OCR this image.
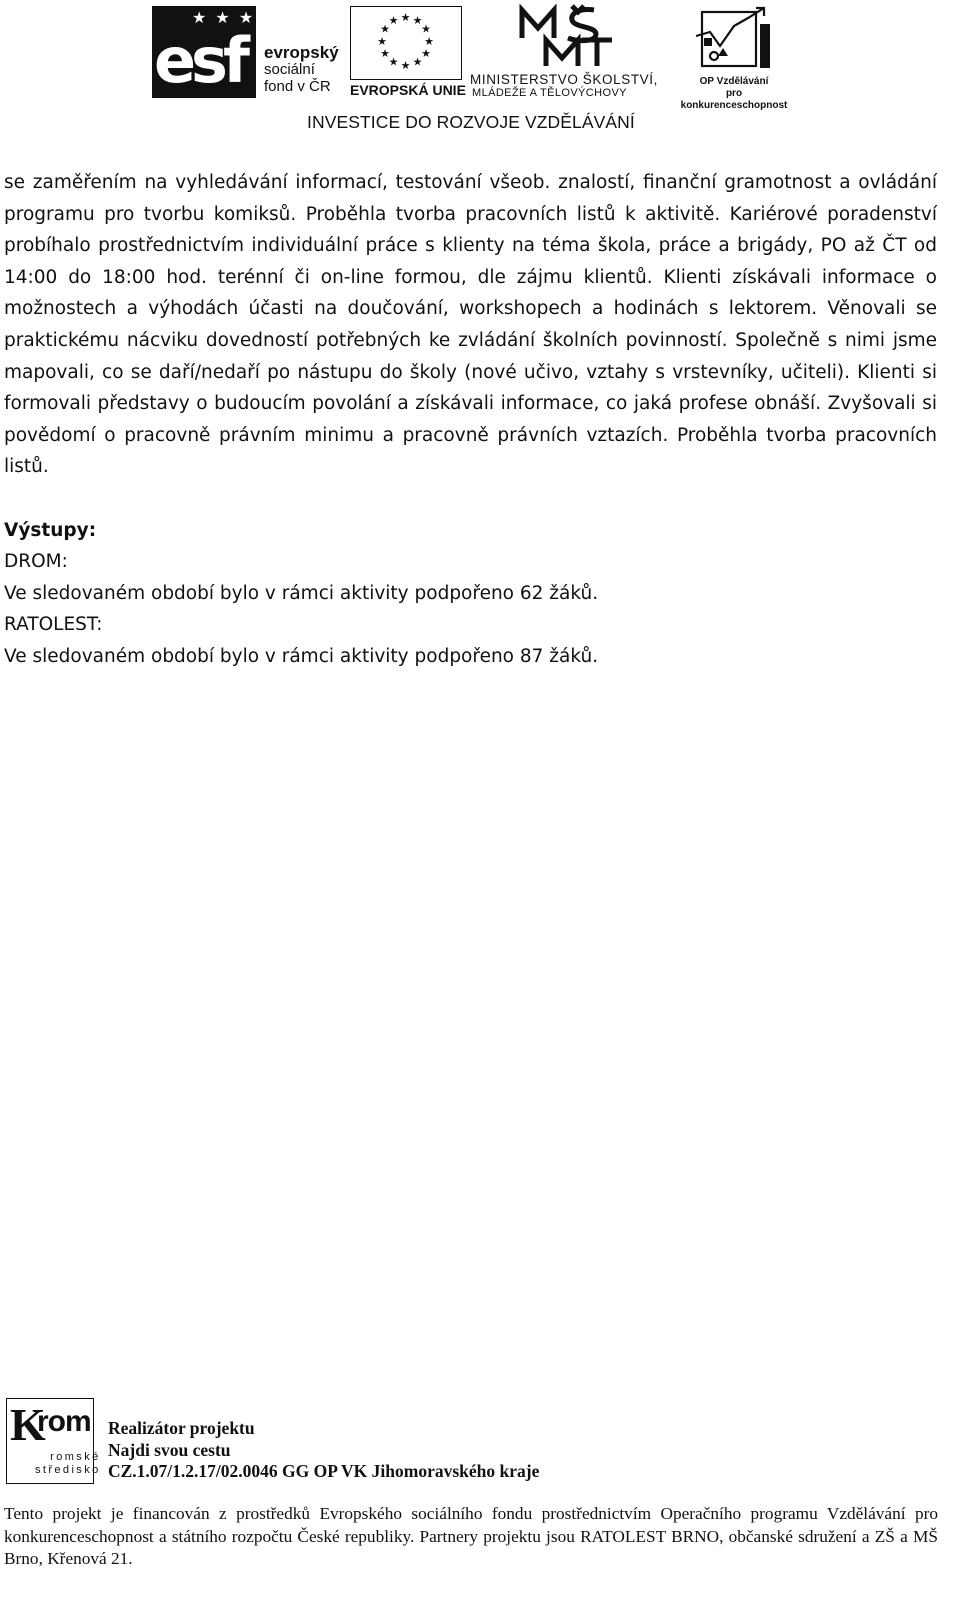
★ ★ ★
esf evropský
sociální
fond v ČR
★ ★
★
★
★
★
★
★
★
★
★
★
EVROPSKÁ UNIE
MINISTERSTVO ŠKOLSTVÍ,
MLÁDEŽE A TĚLOVÝCHOVY
OP Vzdělávání
pro konkurenceschopnost
INVESTICE DO ROZVOJE VZDĚLÁVÁNÍ

se zaměřením na vyhledávání informací, testování všeob. znalostí, finanční gramotnost a ovládání programu pro tvorbu komiksů. Proběhla tvorba pracovních listů k aktivitě. Kariérové poradenství probíhalo prostřednictvím individuální práce s klienty na téma škola, práce a brigády, PO až ČT od 14:00 do 18:00 hod. terénní či on-line formou, dle zájmu klientů. Klienti získávali informace o možnostech a výhodách účasti na doučování, workshopech a hodinách s lektorem. Věnovali se praktickému nácviku dovedností potřebných ke zvládání školních povinností. Společně s nimi jsme mapovali, co se daří/nedaří po nástupu do školy (nové učivo, vztahy s vrstevníky, učiteli). Klienti si formovali představy o budoucím povolání a získávali informace, co jaká profese obnáší. Zvyšovali si povědomí o pracovně právním minimu a pracovně právních vztazích. Proběhla tvorba pracovních listů.

Výstupy:

DROM:

Ve sledovaném období bylo v rámci aktivity podpořeno 62 žáků.

RATOLEST:

Ve sledovaném období bylo v rámci aktivity podpořeno 87 žáků.

K
rom
romské
středisko
Realizátor projektu
Najdi svou cestu
CZ.1.07/1.2.17/02.0046 GG OP VK Jihomoravského kraje
Tento projekt je financován z prostředků Evropského sociálního fondu prostřednictvím Operačního programu Vzdělávání pro konkurenceschopnost a státního rozpočtu České republiky. Partnery projektu jsou RATOLEST BRNO, občanské sdružení a ZŠ a MŠ Brno, Křenová 21.
